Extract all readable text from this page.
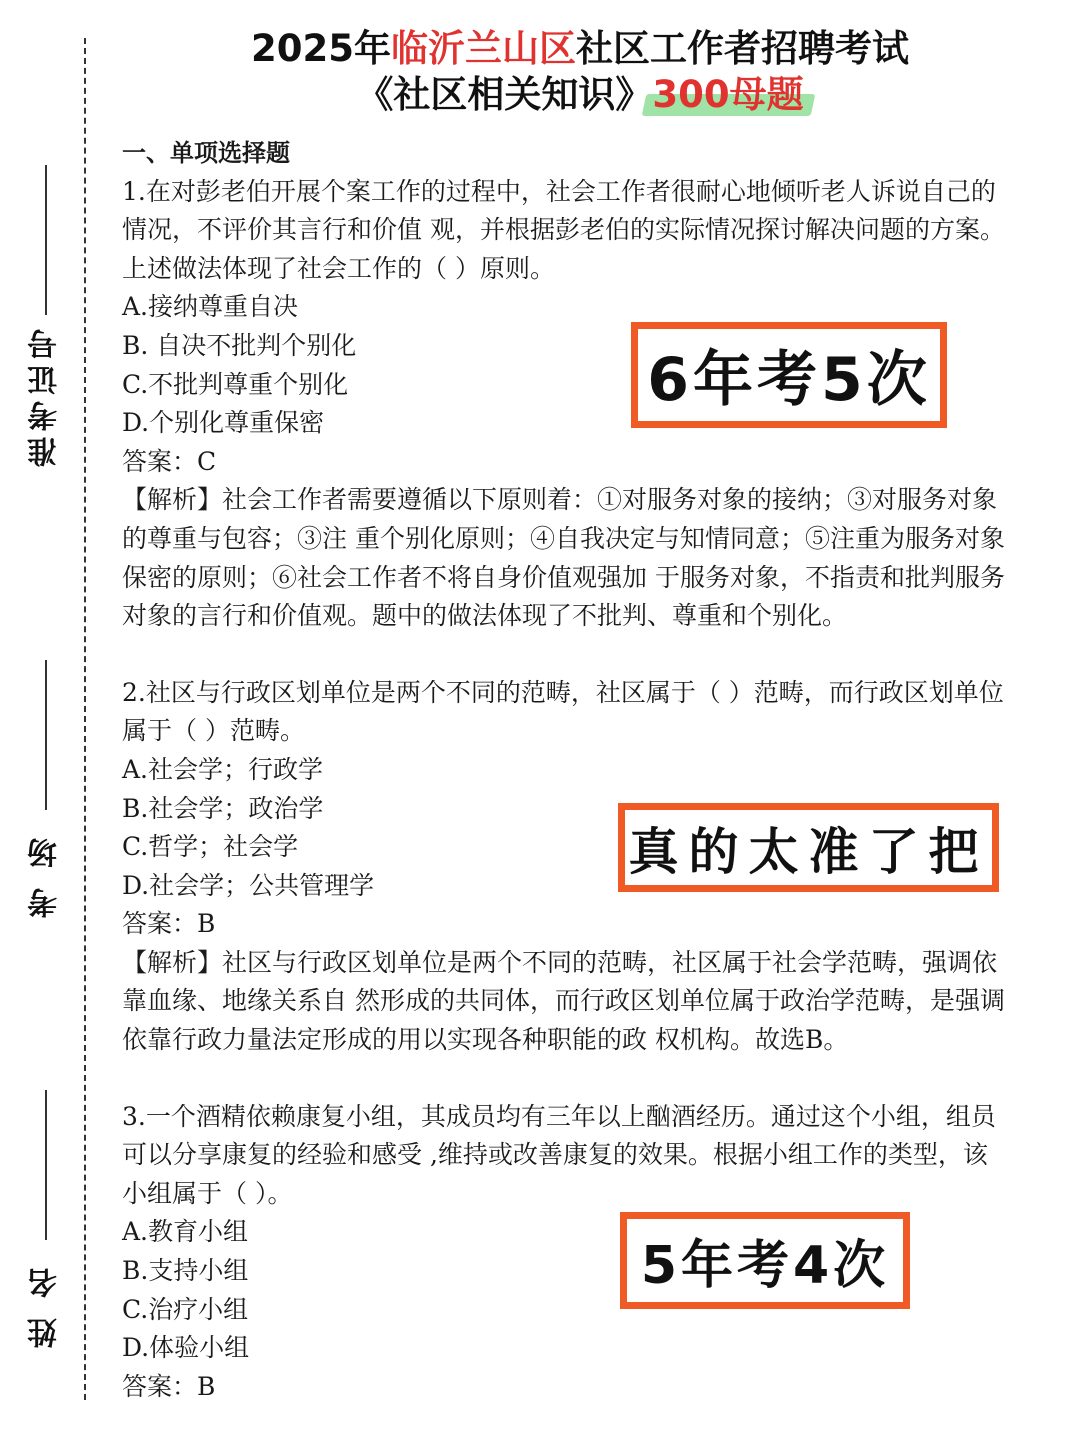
准考证号
考场
姓名
2025年临沂兰山区社区工作者招聘考试
《社区相关知识》300母题

一、单项选择题

1.在对彭老伯开展个案工作的过程中，社会工作者很耐心地倾听老人诉说自己的

情况，不评价其言行和价值 观，并根据彭老伯的实际情况探讨解决问题的方案。

上述做法体现了社会工作的（ ）原则。

A.接纳尊重自决

B. 自决不批判个别化

C.不批判尊重个别化

D.个别化尊重保密

答案：C

【解析】社会工作者需要遵循以下原则着：①对服务对象的接纳；③对服务对象

的尊重与包容；③注 重个别化原则；④自我决定与知情同意；⑤注重为服务对象

保密的原则；⑥社会工作者不将自身价值观强加 于服务对象，不指责和批判服务

对象的言行和价值观。题中的做法体现了不批判、尊重和个别化。

2.社区与行政区划单位是两个不同的范畴，社区属于（ ）范畴，而行政区划单位

属于（ ）范畴。

A.社会学；行政学

B.社会学；政治学

C.哲学；社会学

D.社会学；公共管理学

答案：B

【解析】社区与行政区划单位是两个不同的范畴，社区属于社会学范畴，强调依

靠血缘、地缘关系自 然形成的共同体，而行政区划单位属于政治学范畴，是强调

依靠行政力量法定形成的用以实现各种职能的政 权机构。故选B。

3.一个酒精依赖康复小组，其成员均有三年以上酗酒经历。通过这个小组，组员

可以分享康复的经验和感受 ,维持或改善康复的效果。根据小组工作的类型，该

小组属于（ ）。

A.教育小组

B.支持小组

C.治疗小组

D.体验小组

答案：B

6年考5次
真的太准了把
5年考4次
